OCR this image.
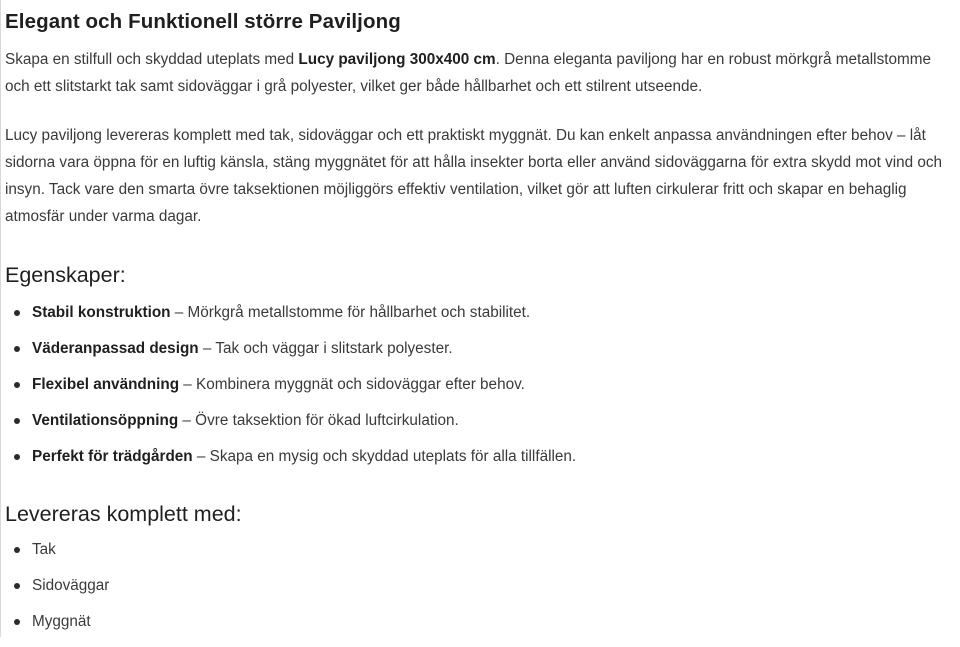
Elegant och Funktionell större Paviljong

Skapa en stilfull och skyddad uteplats med Lucy paviljong 300x400 cm. Denna eleganta paviljong har en robust mörkgrå metallstomme och ett slitstarkt tak samt sidoväggar i grå polyester, vilket ger både hållbarhet och ett stilrent utseende.

Lucy paviljong levereras komplett med tak, sidoväggar och ett praktiskt myggnät. Du kan enkelt anpassa användningen efter behov – låt sidorna vara öppna för en luftig känsla, stäng myggnätet för att hålla insekter borta eller använd sidoväggarna för extra skydd mot vind och insyn. Tack vare den smarta övre taksektionen möjliggörs effektiv ventilation, vilket gör att luften cirkulerar fritt och skapar en behaglig atmosfär under varma dagar.

Egenskaper:
Stabil konstruktion – Mörkgrå metallstomme för hållbarhet och stabilitet.
Väderanpassad design – Tak och väggar i slitstark polyester.
Flexibel användning – Kombinera myggnät och sidoväggar efter behov.
Ventilationsöppning – Övre taksektion för ökad luftcirkulation.
Perfekt för trädgården – Skapa en mysig och skyddad uteplats för alla tillfällen.
Levereras komplett med:
Tak
Sidoväggar
Myggnät
